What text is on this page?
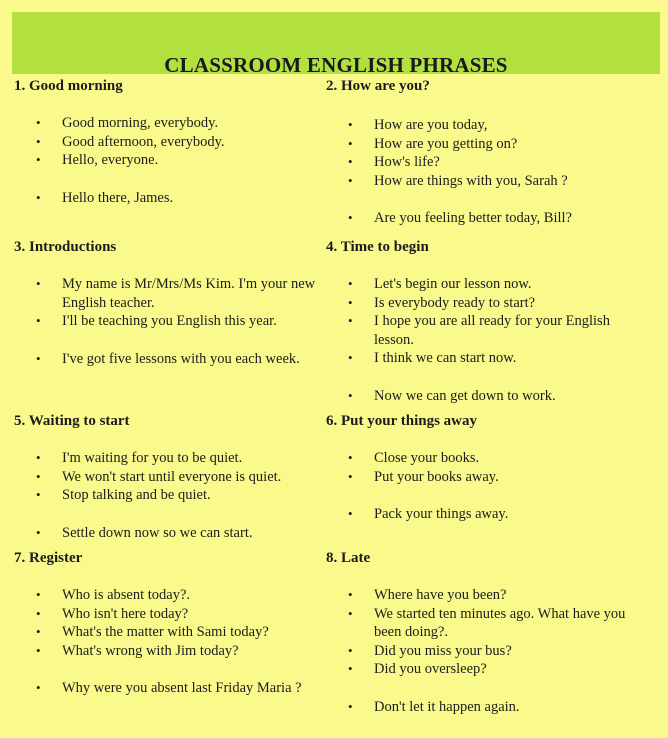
CLASSROOM ENGLISH PHRASES
1. Good morning
• Good morning, everybody.
• Good afternoon, everybody.
• Hello, everyone.
• Hello there, James.
2. How are you?
• How are you today,
• How are you getting on?
• How's life?
• How are things with you, Sarah ?
• Are you feeling better today, Bill?
3. Introductions
• My name is Mr/Mrs/Ms Kim. I'm your new English teacher.
• I'll be teaching you English this year.
• I've got five lessons with you each week.
4. Time to begin
• Let's begin our lesson now.
• Is everybody ready to start?
• I hope you are all ready for your English lesson.
• I think we can start now.
• Now we can get down to work.
5. Waiting to start
• I'm waiting for you to be quiet.
• We won't start until everyone is quiet.
• Stop talking and be quiet.
• Settle down now so we can start.
6. Put your things away
• Close your books.
• Put your books away.
• Pack your things away.
7. Register
• Who is absent today?.
• Who isn't here today?
• What's the matter with Sami today?
• What's wrong with Jim today?
• Why were you absent last Friday Maria ?
8. Late
• Where have you been?
• We started ten minutes ago. What have you been doing?.
• Did you miss your bus?
• Did you oversleep?
• Don't let it happen again.
